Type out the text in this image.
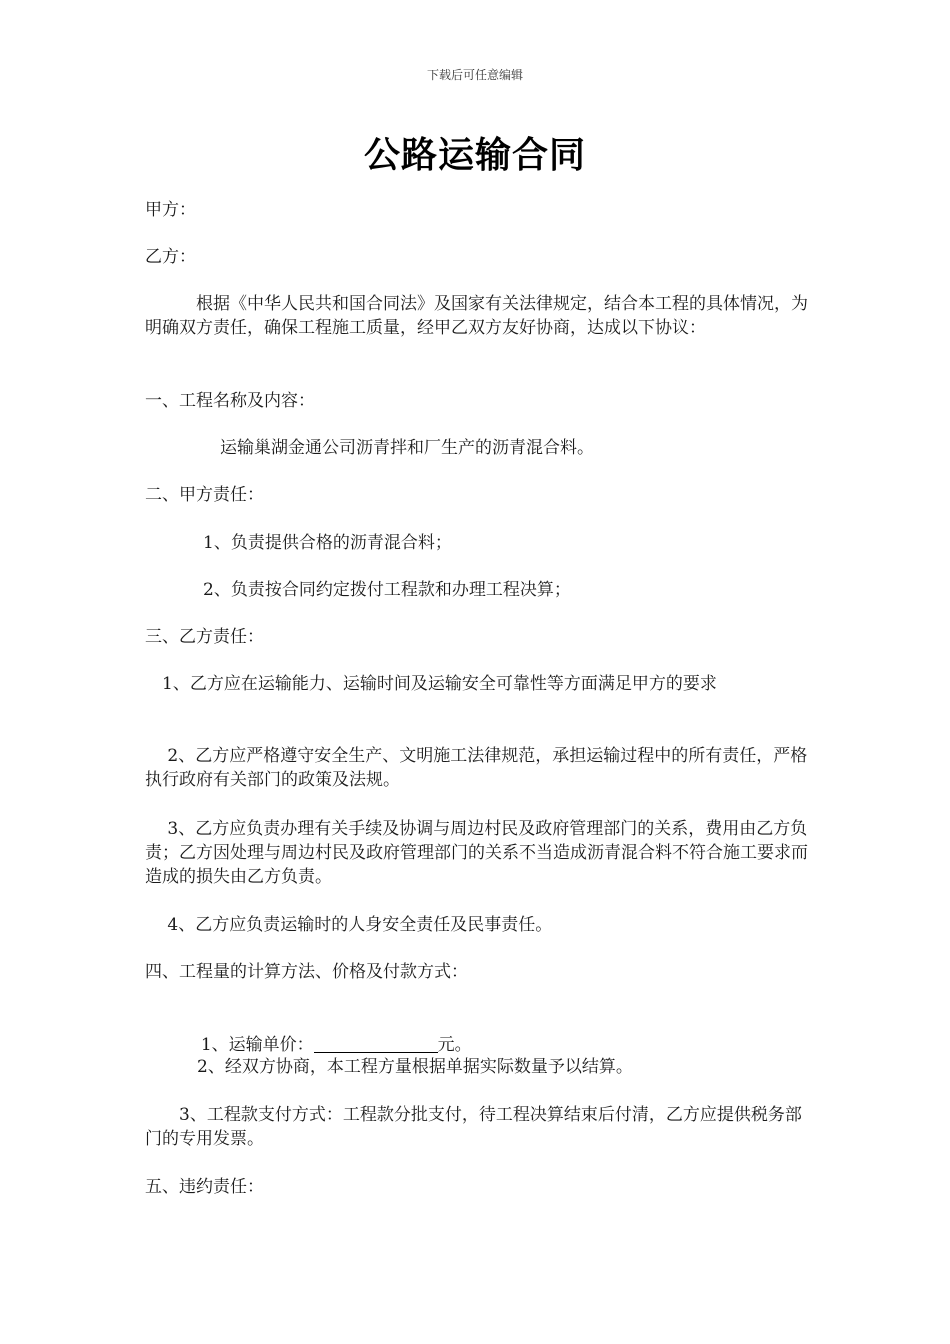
下载后可任意编辑
公路运输合同
甲方：
乙方：
　　　根据《中华人民共和国合同法》及国家有关法律规定，结合本工程的具体情况，为明确双方责任，确保工程施工质量，经甲乙双方友好协商，达成以下协议：
一、工程名称及内容：
运输巢湖金通公司沥青拌和厂生产的沥青混合料。
二、甲方责任：
1、负责提供合格的沥青混合料；
2、负责按合同约定拨付工程款和办理工程决算；
三、乙方责任：
　1、乙方应在运输能力、运输时间及运输安全可靠性等方面满足甲方的要求
　 2、乙方应严格遵守安全生产、文明施工法律规范，承担运输过程中的所有责任，严格执行政府有关部门的政策及法规。
　 3、乙方应负责办理有关手续及协调与周边村民及政府管理部门的关系，费用由乙方负责；乙方因处理与周边村民及政府管理部门的关系不当造成沥青混合料不符合施工要求而造成的损失由乙方负责。
　 4、乙方应负责运输时的人身安全责任及民事责任。
四、工程量的计算方法、价格及付款方式：

1、运输单价：	元。

2、经双方协商，本工程方量根据单据实际数量予以结算。
　　3、工程款支付方式：工程款分批支付，待工程决算结束后付清，乙方应提供税务部门的专用发票。
五、违约责任：
